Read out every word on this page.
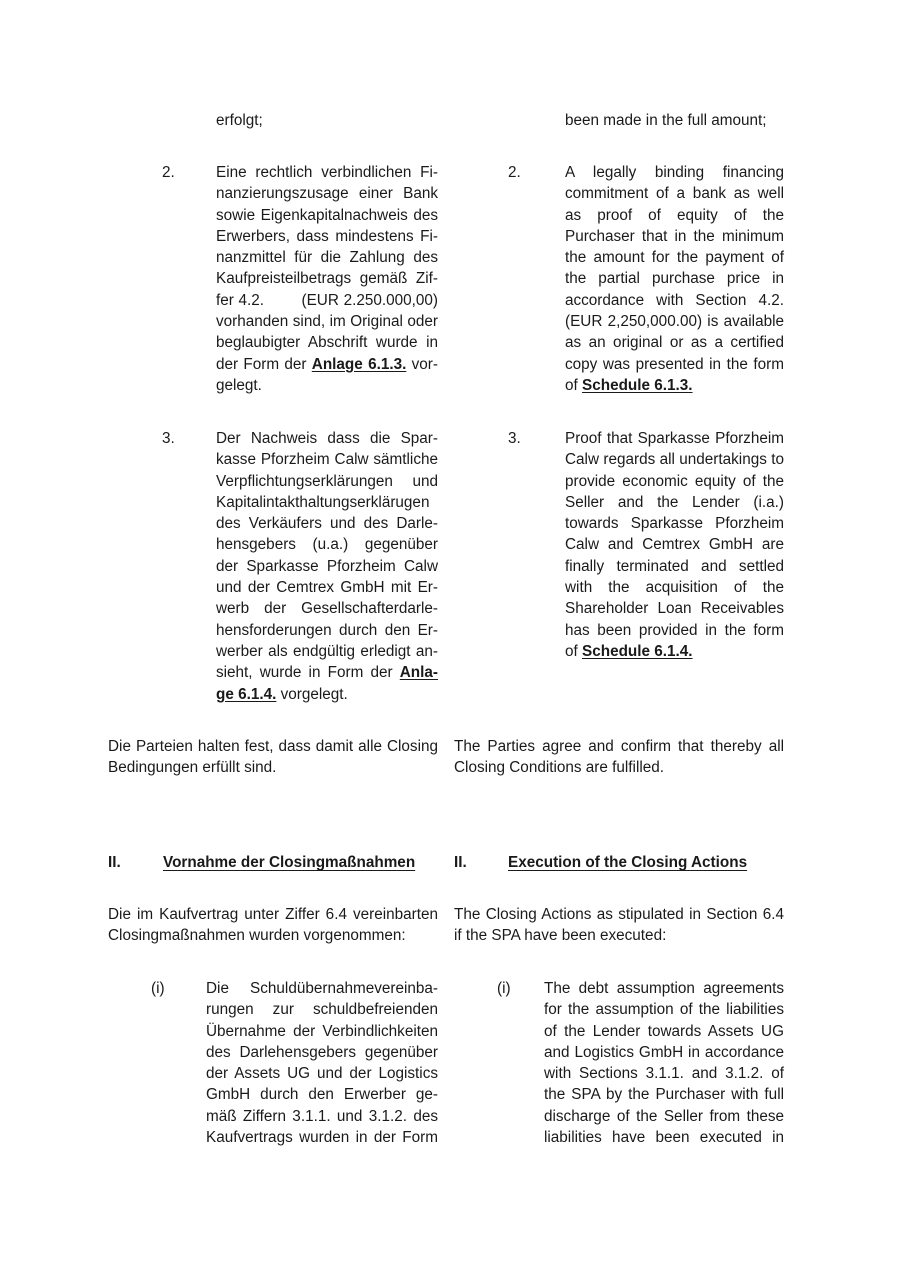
erfolgt;
2.	Eine rechtlich verbindlichen Fi-
nanzierungszusage einer Bank
sowie Eigenkapitalnachweis des
Erwerbers, dass mindestens Fi-
nanzmittel für die Zahlung des
Kaufpreisteilbetrags gemäß Zif-
fer 4.2.        (EUR 2.250.000,00)
vorhanden sind, im Original oder
beglaubigter Abschrift wurde in
der Form der Anlage 6.1.3. vor-
gelegt.
3.	Der Nachweis dass die Spar-
kasse Pforzheim Calw sämtliche
Verpflichtungserklärungen und
Kapitalintakthaltungserklärugen
des Verkäufers und des Darle-
hensgebers (u.a.) gegenüber
der Sparkasse Pforzheim Calw
und der Cemtrex GmbH mit Er-
werb der Gesellschafterdarle-
hensforderungen durch den Er-
werber als endgültig erledigt an-
sieht, wurde in Form der Anla-
ge 6.1.4. vorgelegt.
Die Parteien halten fest, dass damit alle Closing
Bedingungen erfüllt sind.
II.	Vornahme der Closingmaßnahmen
Die im Kaufvertrag unter Ziffer 6.4 vereinbarten
Closingmaßnahmen wurden vorgenommen:
(i)	Die   Schuldübernahmevereinba-
rungen zur schuldbefreienden
Übernahme der Verbindlichkeiten
des Darlehensgebers gegenüber
der Assets UG und der Logistics
GmbH durch den Erwerber ge-
mäß Ziffern 3.1.1. und 3.1.2. des
Kaufvertrags wurden in der Form
been made in the full amount;
2.	A legally binding financing
commitment of a bank as well
as proof of equity of the
Purchaser that in the minimum
the amount for the payment of
the partial purchase price in
accordance with Section 4.2.
(EUR 2,250,000.00) is available
as an original or as a certified
copy was presented in the form
of Schedule 6.1.3.
3.	Proof that Sparkasse Pforzheim
Calw regards all undertakings to
provide economic equity of the
Seller and the Lender (i.a.)
towards Sparkasse Pforzheim
Calw and Cemtrex GmbH are
finally terminated and settled
with the acquisition of the
Shareholder Loan Receivables
has been provided in the form
of Schedule 6.1.4.
The Parties agree and confirm that thereby all
Closing Conditions are fulfilled.
II.	Execution of the Closing Actions
The Closing Actions as stipulated in Section 6.4
if the SPA have been executed:
(i) The debt assumption agreements
for the assumption of the liabilities
of the Lender towards Assets UG
and Logistics GmbH in accordance
with Sections 3.1.1. and 3.1.2. of
the SPA by the Purchaser with full
discharge of the Seller from these
liabilities have been executed in
